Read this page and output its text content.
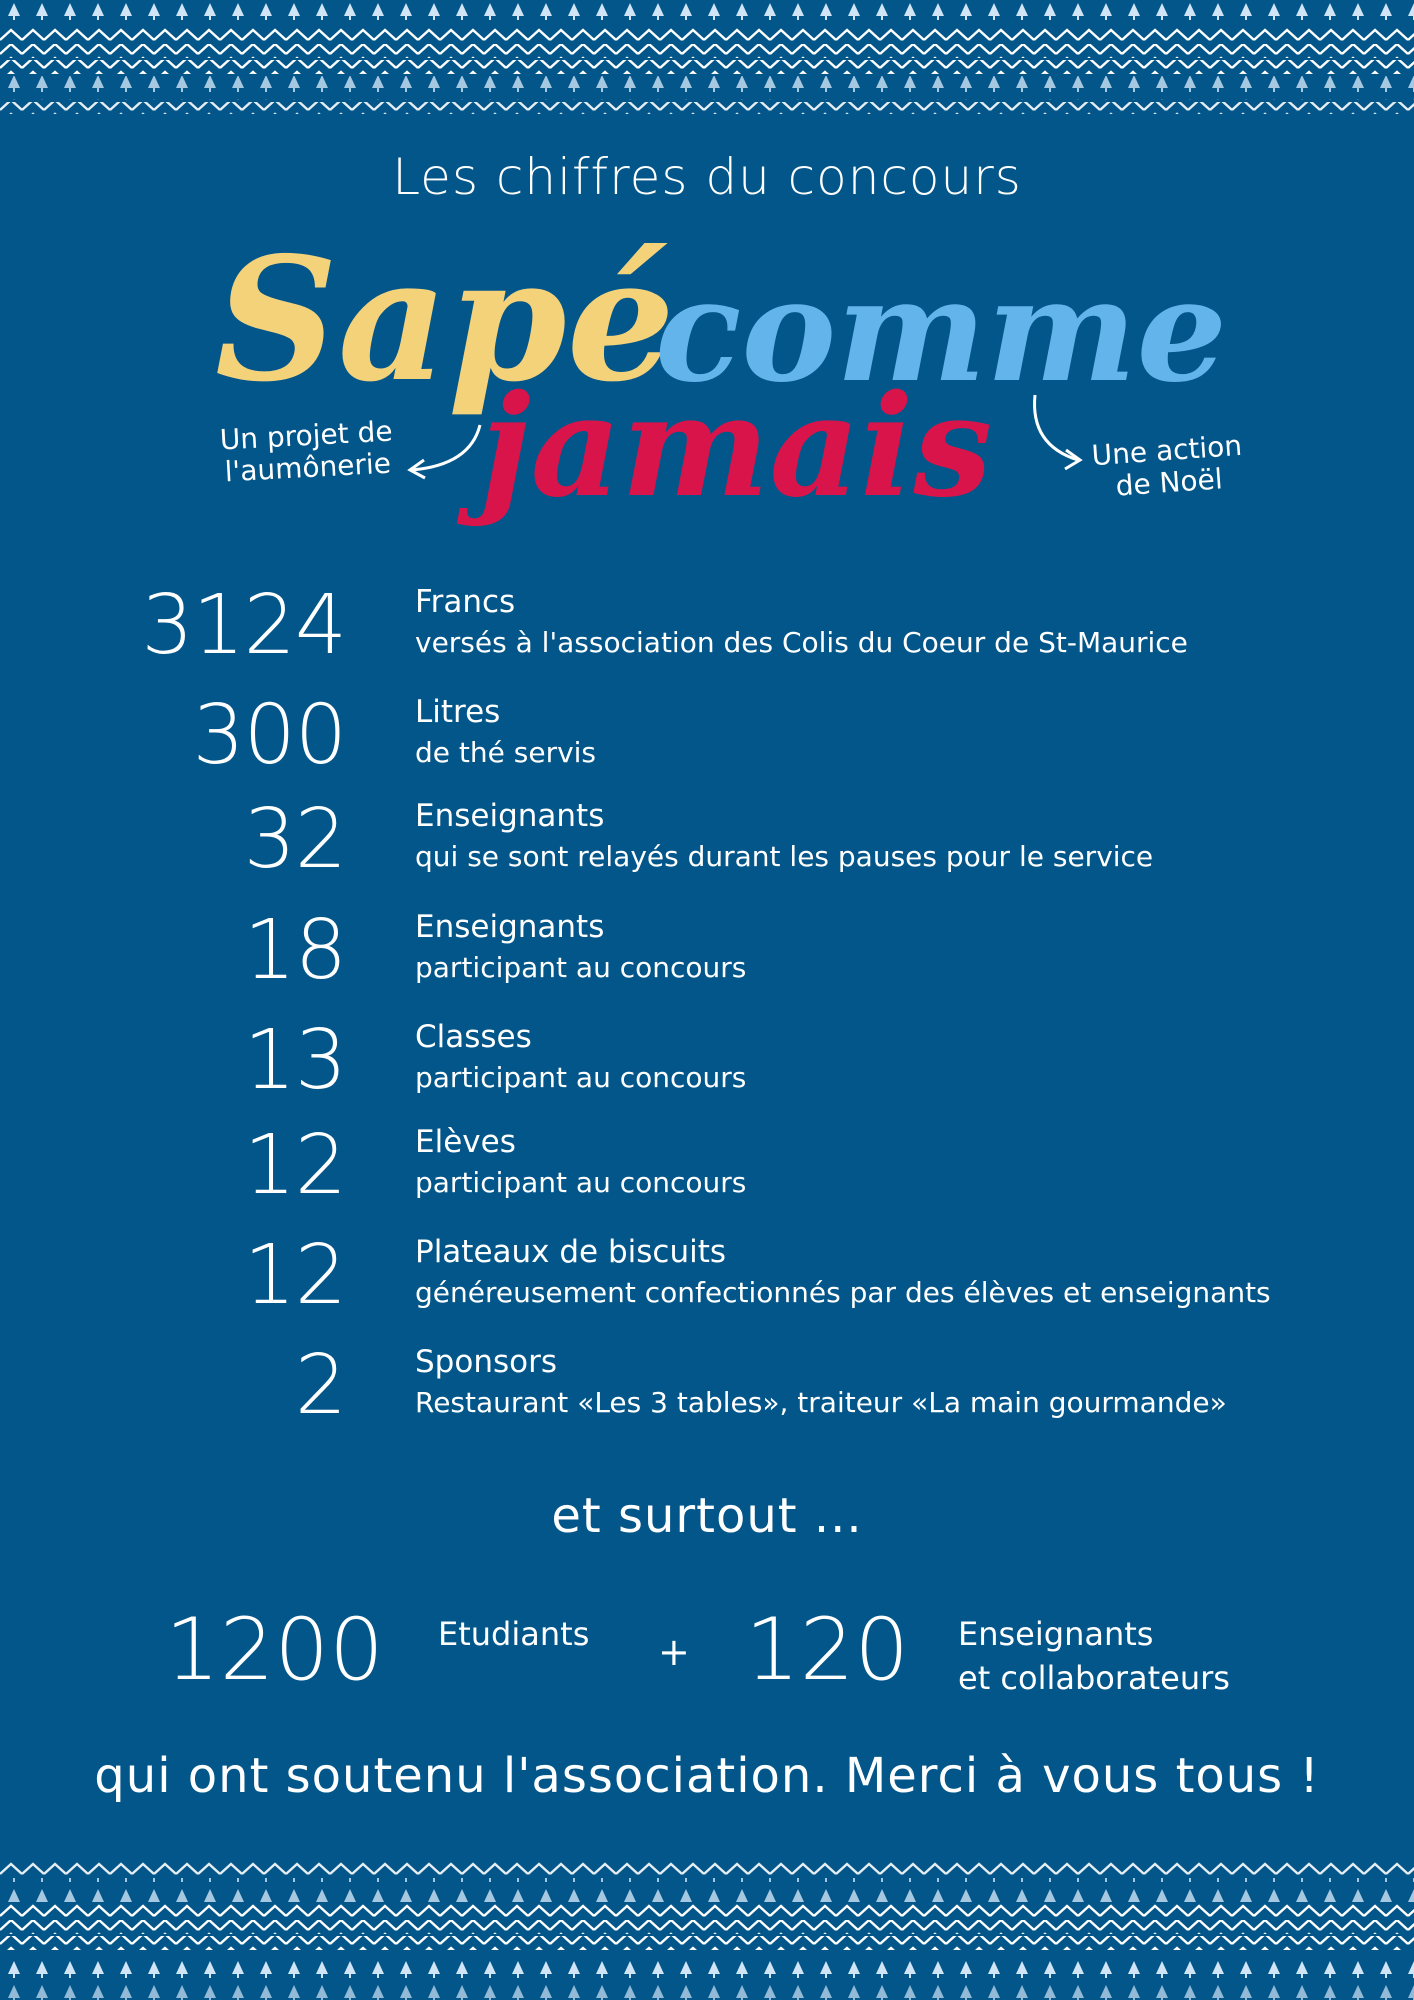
Les chiffres du concours
Sapé
comme
jamais
Un projet de l'aumônerie	Une action de Noël
3124 Francs
versés à l'association des Colis du Coeur de St-Maurice
300 Litres
de thé servis
32 Enseignants
qui se sont relayés durant les pauses pour le service
18 Enseignants
participant au concours
13 Classes
participant au concours
12 Elèves
participant au concours
12 Plateaux de biscuits
généreusement confectionnés par des élèves et enseignants
2 Sponsors
Restaurant «Les 3 tables», traiteur «La main gourmande»
et surtout ...
1200 Etudiants + 120 Enseignants
et collaborateurs
qui ont soutenu l'association. Merci à vous tous !
